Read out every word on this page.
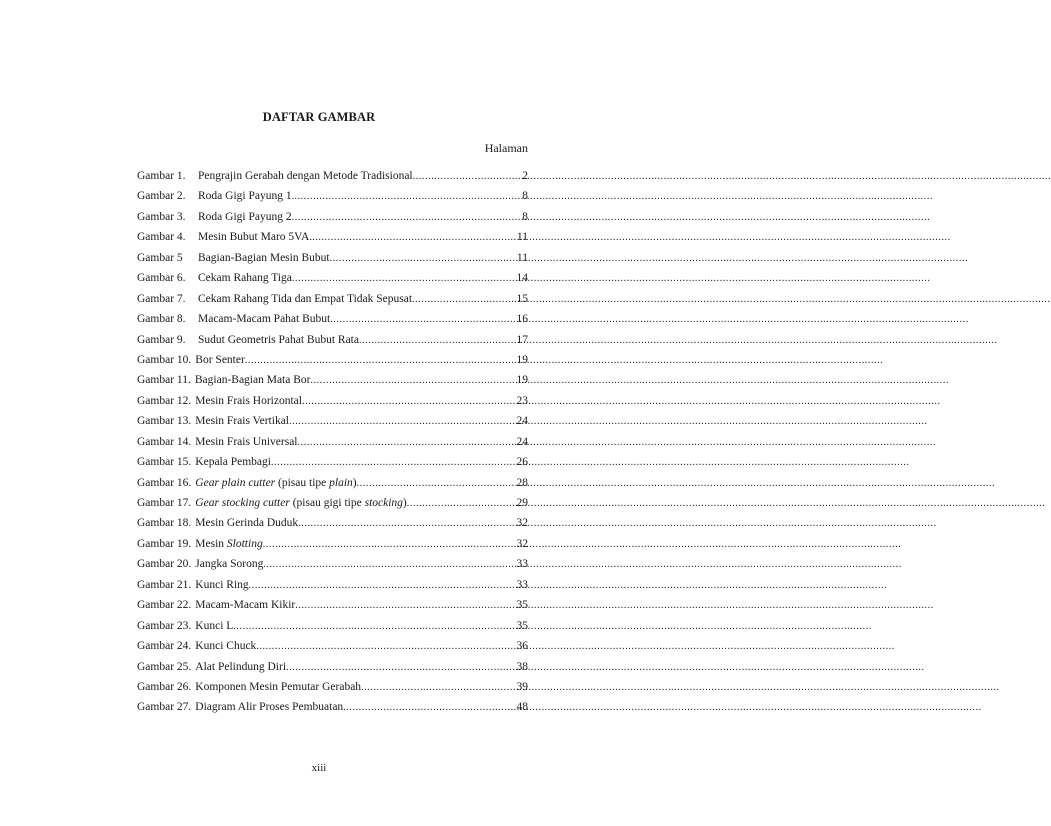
DAFTAR GAMBAR
Halaman
Gambar 1.	Pengrajin Gerabah dengan Metode Tradisional .....	2
Gambar 2.	Roda Gigi Payung 1. .....	8
Gambar 3.	Roda Gigi Payung 2 .....	8
Gambar 4.	Mesin Bubut Maro 5VA. .....	11
Gambar 5	Bagian-Bagian Mesin Bubut .....	11
Gambar 6.	Cekam Rahang Tiga .....	14
Gambar 7.	Cekam Rahang Tida dan Empat Tidak Sepusat .....	15
Gambar 8.	Macam-Macam Pahat Bubut .....	16
Gambar 9.	Sudut Geometris Pahat Bubut Rata .....	17
Gambar 10. Bor Senter .....	19
Gambar 11. Bagian-Bagian Mata Bor .....	19
Gambar 12. Mesin Frais Horizontal .....	23
Gambar 13. Mesin Frais Vertikal .....	24
Gambar 14. Mesin Frais Universal .....	24
Gambar 15. Kepala Pembagi .....	26
Gambar 16. Gear plain cutter (pisau tipe plain) .....	28
Gambar 17. Gear stocking cutter (pisau gigi tipe stocking) .....	29
Gambar 18. Mesin Gerinda Duduk .....	32
Gambar 19. Mesin Slotting .....	32
Gambar 20. Jangka Sorong .....	33
Gambar 21. Kunci Ring .....	33
Gambar 22. Macam-Macam Kikir .....	35
Gambar 23. Kunci L .....	35
Gambar 24. Kunci Chuck .....	36
Gambar 25. Alat Pelindung Diri .....	38
Gambar 26. Komponen Mesin Pemutar Gerabah .....	39
Gambar 27. Diagram Alir Proses Pembuatan .....	48
xiii
